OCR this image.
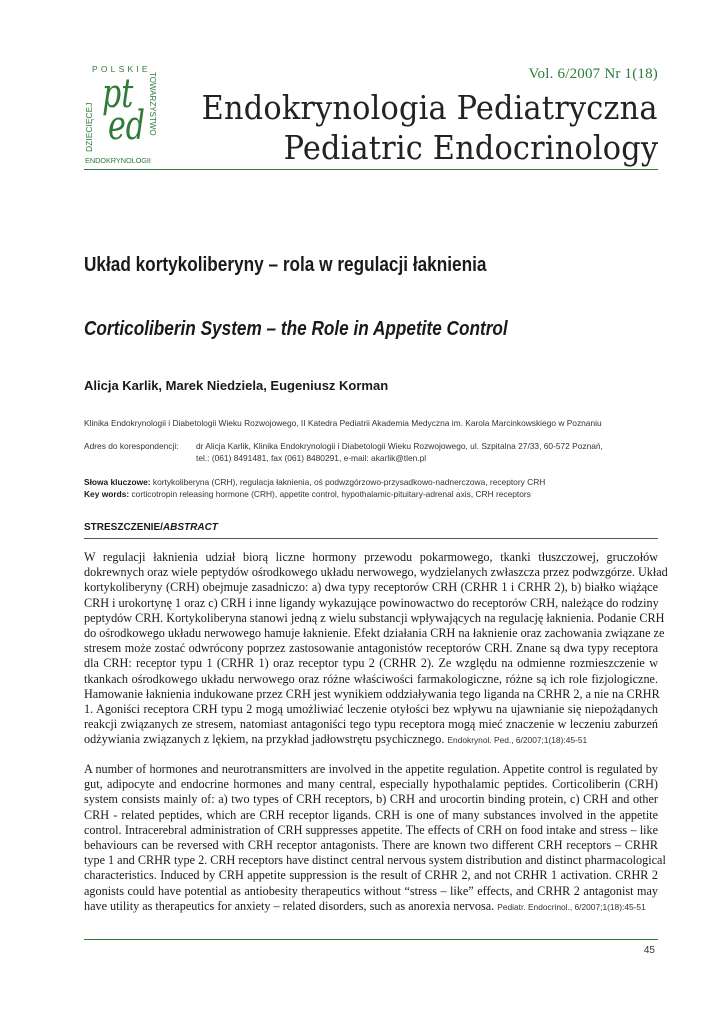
POLSKIE
DZIECIĘCEJ	TOWARZYSTWO
pt
ed
ENDOKRYNOLOGII
Vol. 6/2007 Nr 1(18)
Endokrynologia Pediatryczna
Pediatric Endocrinology
Układ kortykoliberyny – rola w regulacji łaknienia
Corticoliberin System – the Role in Appetite Control
Alicja Karlik, Marek Niedziela, Eugeniusz Korman
Klinika Endokrynologii i Diabetologii Wieku Rozwojowego, II Katedra Pediatrii Akademia Medyczna im. Karola Marcinkowskiego w Poznaniu
Adres do korespondencji: dr Alicja Karlik, Klinika Endokrynologii i Diabetologii Wieku Rozwojowego, ul. Szpitalna 27/33, 60-572 Poznań,
tel.: (061) 8491481, fax (061) 8480291, e-mail: akarlik@tlen.pl
Słowa kluczowe: kortykoliberyna (CRH), regulacja łaknienia, oś podwzgórzowo-przysadkowo-nadnerczowa, receptory CRH
Key words: corticotropin releasing hormone (CRH), appetite control, hypothalamic-pituitary-adrenal axis, CRH receptors
STRESZCZENIE/ABSTRACT
W regulacji łaknienia udział biorą liczne hormony przewodu pokarmowego, tkanki tłuszczowej, gruczołów
dokrewnych oraz wiele peptydów ośrodkowego układu nerwowego, wydzielanych zwłaszcza przez podwzgórze. Układ
kortykoliberyny (CRH) obejmuje zasadniczo: a) dwa typy receptorów CRH (CRHR 1 i CRHR 2), b) białko wiążące
CRH i urokortynę 1 oraz c) CRH i inne ligandy wykazujące powinowactwo do receptorów CRH, należące do rodziny
peptydów CRH. Kortykoliberyna stanowi jedną z wielu substancji wpływających na regulację łaknienia. Podanie CRH
do ośrodkowego układu nerwowego hamuje łaknienie. Efekt działania CRH na łaknienie oraz zachowania związane ze
stresem może zostać odwrócony poprzez zastosowanie antagonistów receptorów CRH. Znane są dwa typy receptora
dla CRH: receptor typu 1 (CRHR 1) oraz receptor typu 2 (CRHR 2). Ze względu na odmienne rozmieszczenie w
tkankach ośrodkowego układu nerwowego oraz różne właściwości farmakologiczne, różne są ich role fizjologiczne.
Hamowanie łaknienia indukowane przez CRH jest wynikiem oddziaływania tego liganda na CRHR 2, a nie na CRHR
1. Agoniści receptora CRH typu 2 mogą umożliwiać leczenie otyłości bez wpływu na ujawnianie się niepożądanych
reakcji związanych ze stresem, natomiast antagoniści tego typu receptora mogą mieć znaczenie w leczeniu zaburzeń
odżywiania związanych z lękiem, na przykład jadłowstrętu psychicznego. Endokrynol. Ped., 6/2007;1(18):45-51
A number of hormones and neurotransmitters are involved in the appetite regulation. Appetite control is regulated by
gut, adipocyte and endocrine hormones and many central, especially hypothalamic peptides. Corticoliberin (CRH)
system consists mainly of: a) two types of CRH receptors, b) CRH and urocortin binding protein, c) CRH and other
CRH - related peptides, which are CRH receptor ligands. CRH is one of many substances involved in the appetite
control. Intracerebral administration of CRH suppresses appetite. The effects of CRH on food intake and stress – like
behaviours can be reversed with CRH receptor antagonists. There are known two different CRH receptors – CRHR
type 1 and CRHR type 2. CRH receptors have distinct central nervous system distribution and distinct pharmacological
characteristics. Induced by CRH appetite suppression is the result of CRHR 2, and not CRHR 1 activation. CRHR 2
agonists could have potential as antiobesity therapeutics without “stress – like” effects, and CRHR 2 antagonist may
have utility as therapeutics for anxiety – related disorders, such as anorexia nervosa. Pediatr. Endocrinol., 6/2007;1(18):45-51
45
